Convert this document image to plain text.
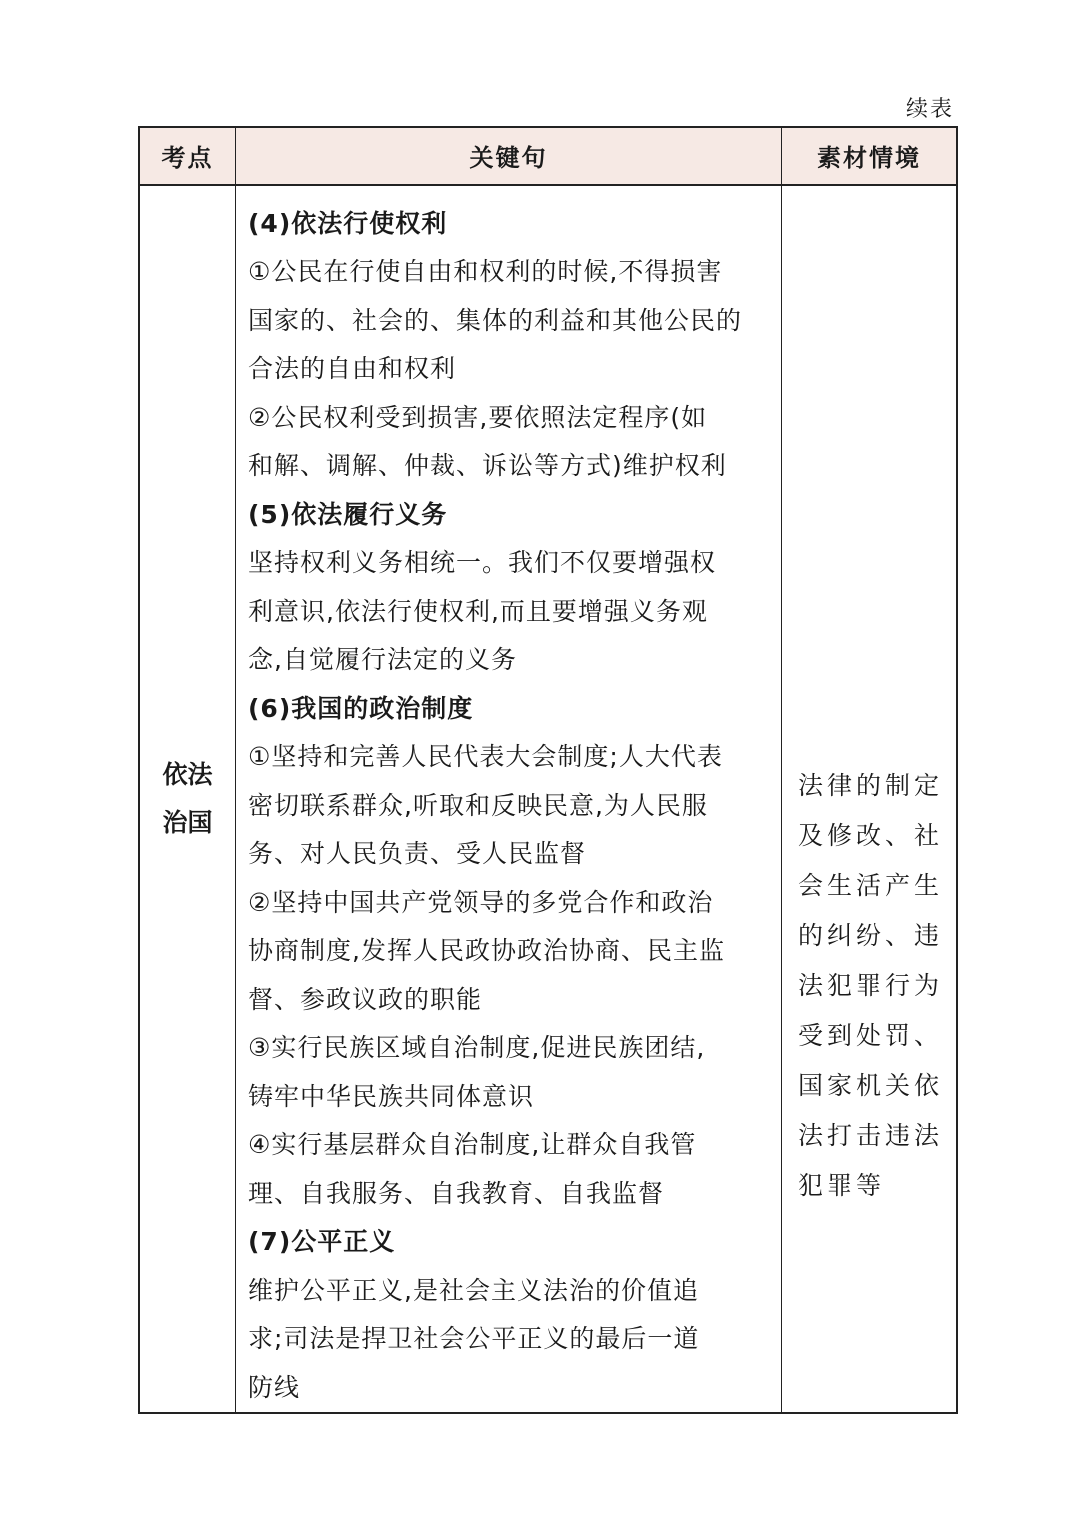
续表
考点	关键句	素材情境
依法治国
(4)依法行使权利
①公民在行使自由和权利的时候,不得损害
国家的、社会的、集体的利益和其他公民的
合法的自由和权利
②公民权利受到损害,要依照法定程序(如
和解、调解、仲裁、诉讼等方式)维护权利
(5)依法履行义务
坚持权利义务相统一。我们不仅要增强权
利意识,依法行使权利,而且要增强义务观
念,自觉履行法定的义务
(6)我国的政治制度
①坚持和完善人民代表大会制度;人大代表
密切联系群众,听取和反映民意,为人民服
务、对人民负责、受人民监督
②坚持中国共产党领导的多党合作和政治
协商制度,发挥人民政协政治协商、民主监
督、参政议政的职能
③实行民族区域自治制度,促进民族团结,
铸牢中华民族共同体意识
④实行基层群众自治制度,让群众自我管
理、自我服务、自我教育、自我监督
(7)公平正义
维护公平正义,是社会主义法治的价值追
求;司法是捍卫社会公平正义的最后一道
防线
法律的制定及修改、社会生活产生的纠纷、违法犯罪行为受到处罚、国家机关依法打击违法犯罪等
